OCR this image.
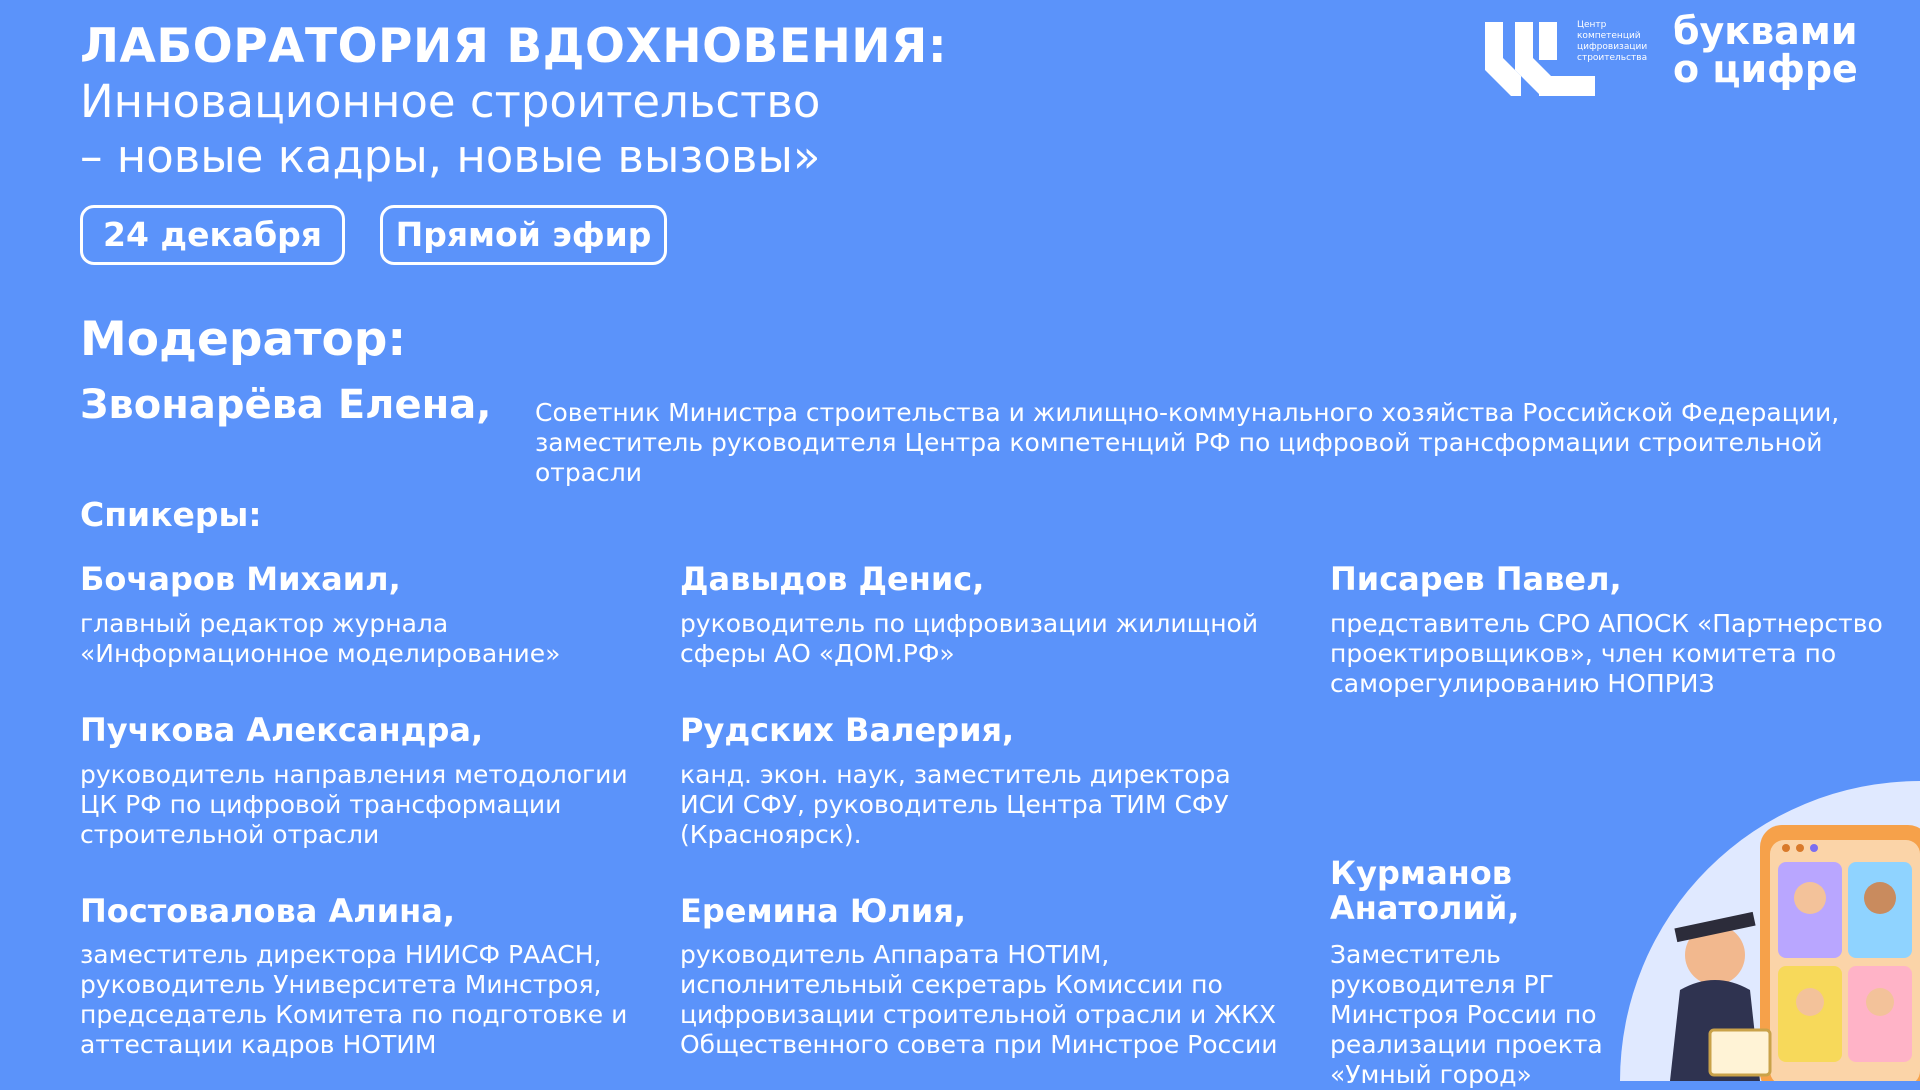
ЛАБОРАТОРИЯ ВДОХНОВЕНИЯ:
Инновационное строительство
– новые кадры, новые вызовы»
24 декабря	Прямой эфир
Центр
компетенций
цифровизации
строительства
буквами
о цифре
Модератор:
Звонарёва Елена, Советник Министра строительства и жилищно-коммунального хозяйства Российской Федерации, заместитель руководителя Центра компетенций РФ по цифровой трансформации строительной отрасли
Спикеры:
Бочаров Михаил,
главный редактор журнала «Информационное моделирование»
Давыдов Денис,
руководитель по цифровизации жилищной сферы АО «ДОМ.РФ»
Писарев Павел,
представитель СРО АПОСК «Партнерство проектировщиков», член комитета по саморегулированию НОПРИЗ
Пучкова Александра,
руководитель направления методологии ЦК РФ по цифровой трансформации строительной отрасли
Рудских Валерия,
канд. экон. наук, заместитель директора ИСИ СФУ, руководитель Центра ТИМ СФУ (Красноярск).
Курманов Анатолий,
Заместитель руководителя РГ Минстроя России по реализации проекта «Умный город»
Постовалова Алина,
заместитель директора НИИСФ РААСН, руководитель Университета Минстроя, председатель Комитета по подготовке и аттестации кадров НОТИМ
Еремина Юлия,
руководитель Аппарата НОТИМ, исполнительный секретарь Комиссии по цифровизации строительной отрасли и ЖКХ Общественного совета при Минстрое России
